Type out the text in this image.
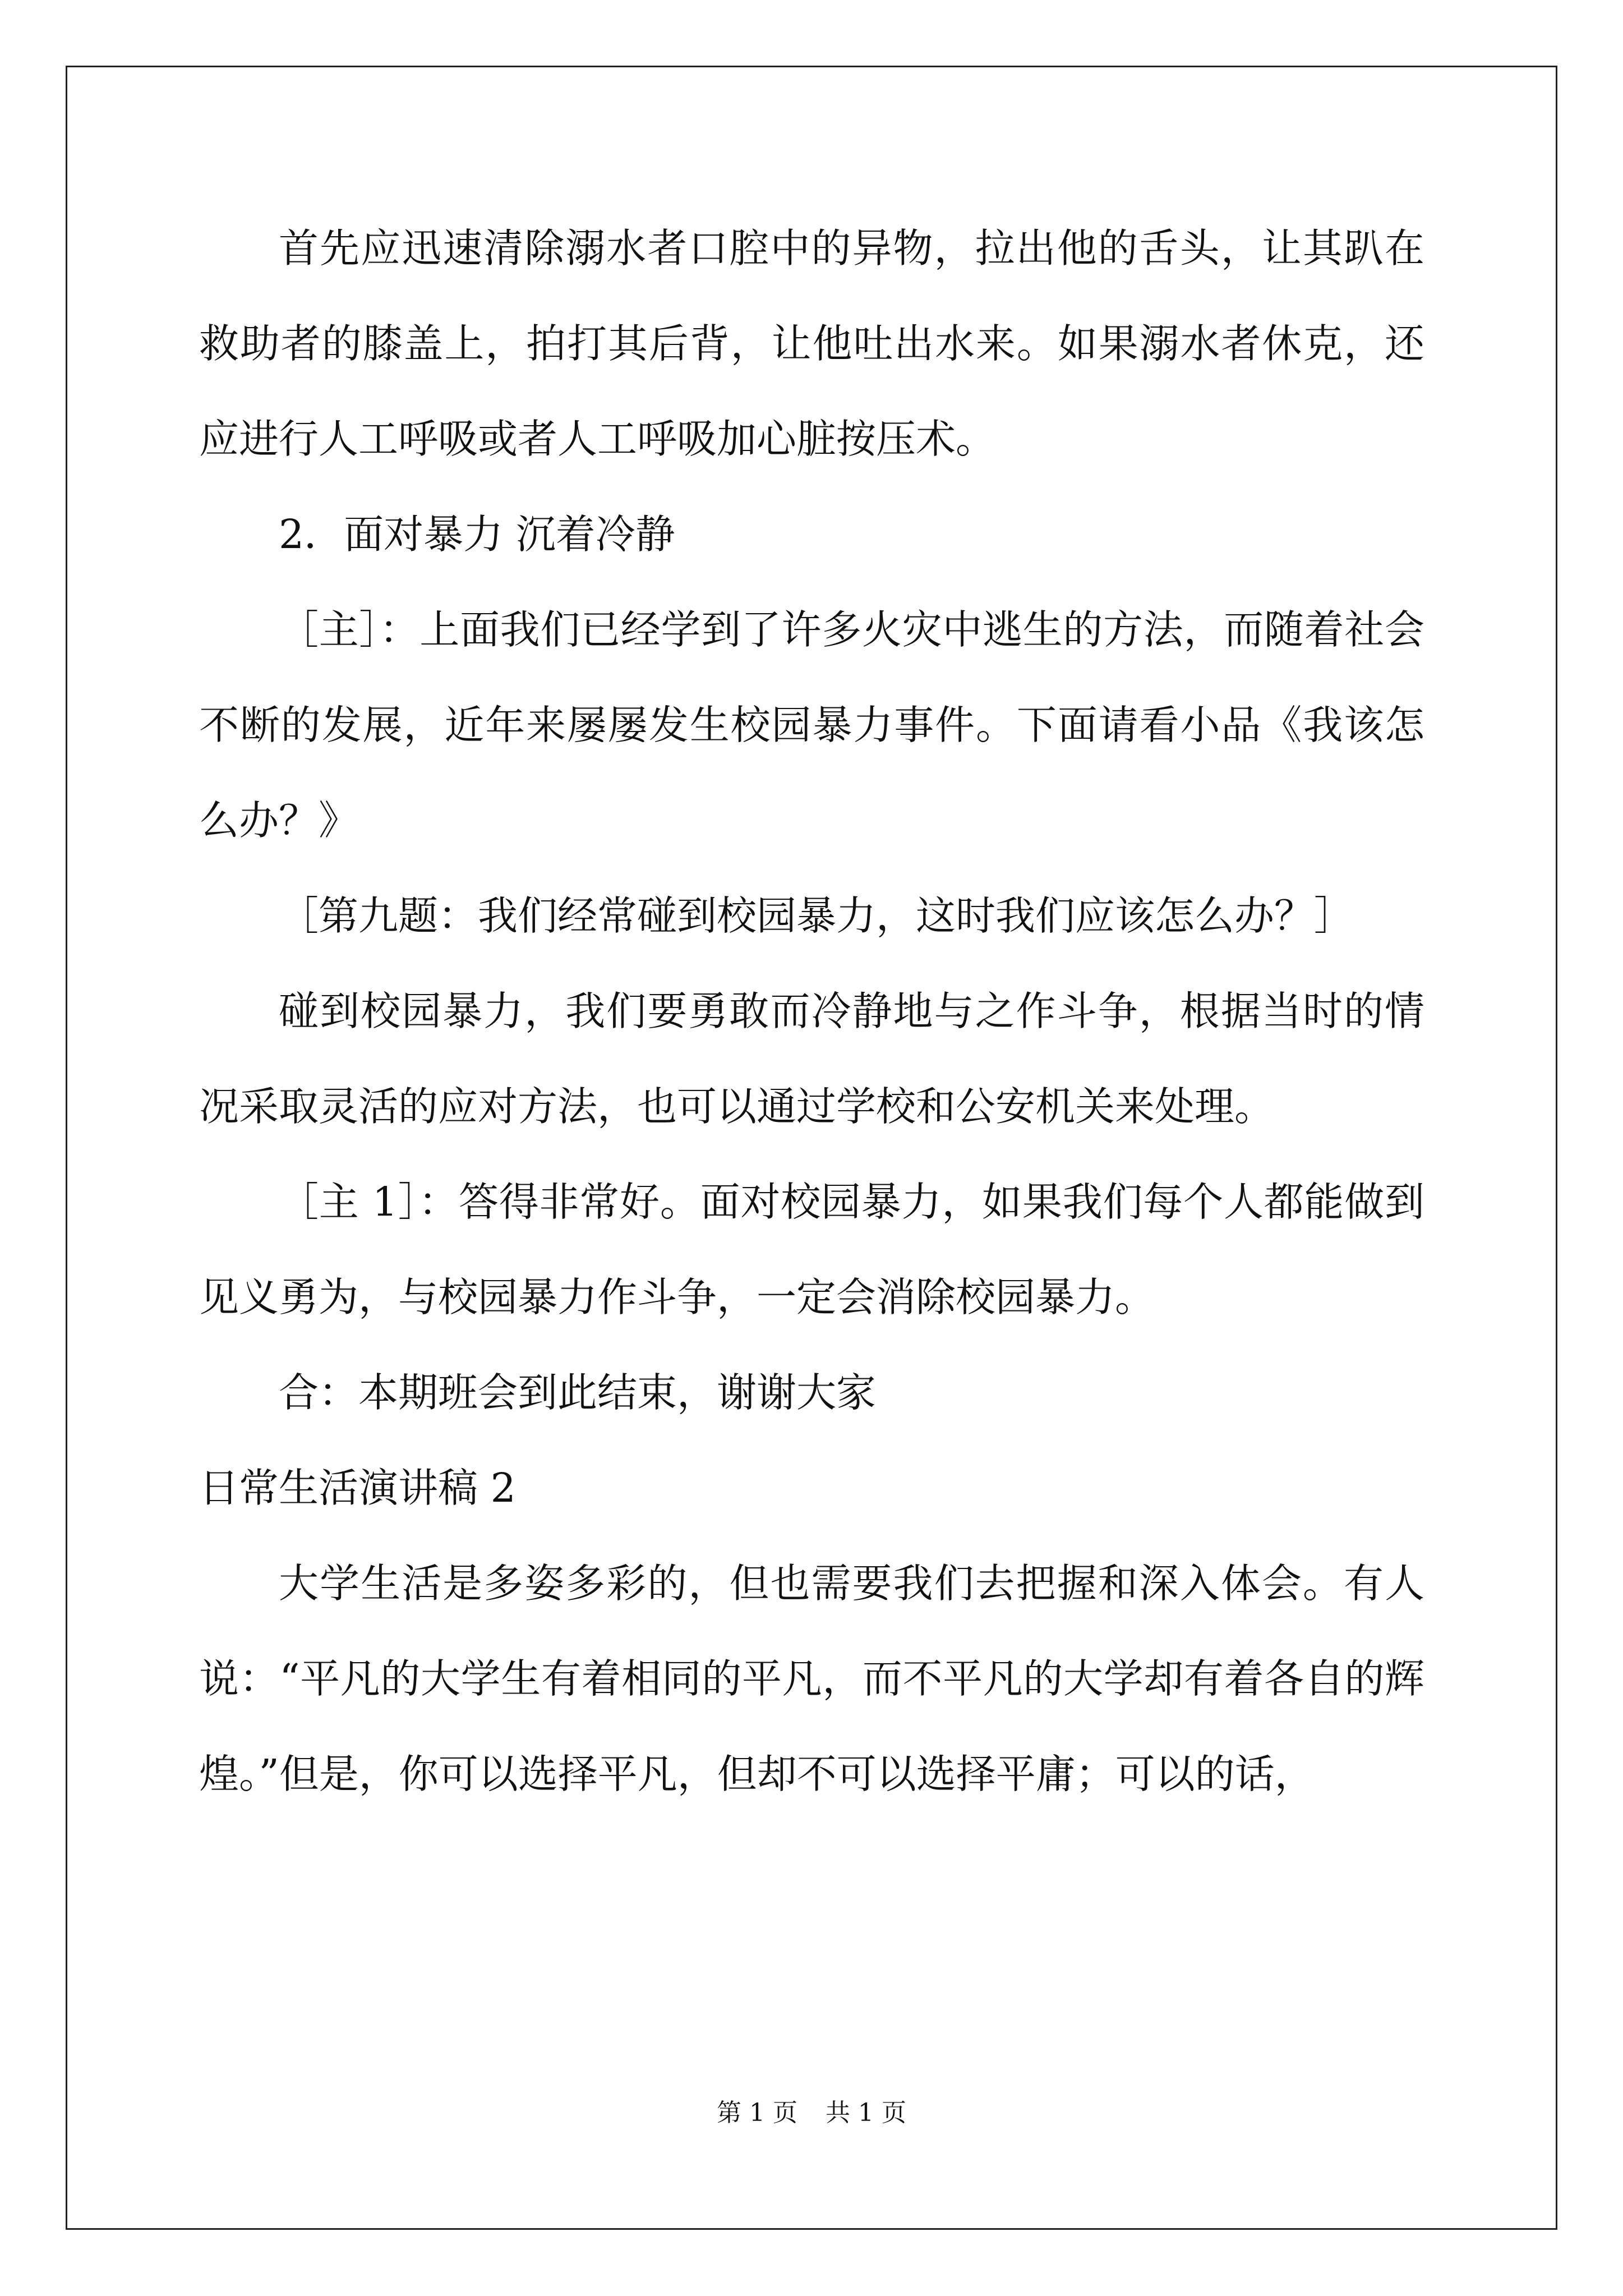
首先应迅速清除溺水者口腔中的异物，拉出他的舌头，让其趴在救助者的膝盖上，拍打其后背，让他吐出水来。如果溺水者休克，还应进行人工呼吸或者人工呼吸加心脏按压术。

2．面对暴力 沉着冷静

［主］：上面我们已经学到了许多火灾中逃生的方法，而随着社会不断的发展，近年来屡屡发生校园暴力事件。下面请看小品《我该怎么办？》

［第九题：我们经常碰到校园暴力，这时我们应该怎么办？］

碰到校园暴力，我们要勇敢而冷静地与之作斗争，根据当时的情况采取灵活的应对方法，也可以通过学校和公安机关来处理。

［主 1］：答得非常好。面对校园暴力，如果我们每个人都能做到见义勇为，与校园暴力作斗争，一定会消除校园暴力。

合：本期班会到此结束，谢谢大家

日常生活演讲稿 2

大学生活是多姿多彩的，但也需要我们去把握和深入体会。有人说：“平凡的大学生有着相同的平凡，而不平凡的大学却有着各自的辉煌。”但是，你可以选择平凡，但却不可以选择平庸；可以的话，

第 1 页 共 1 页
